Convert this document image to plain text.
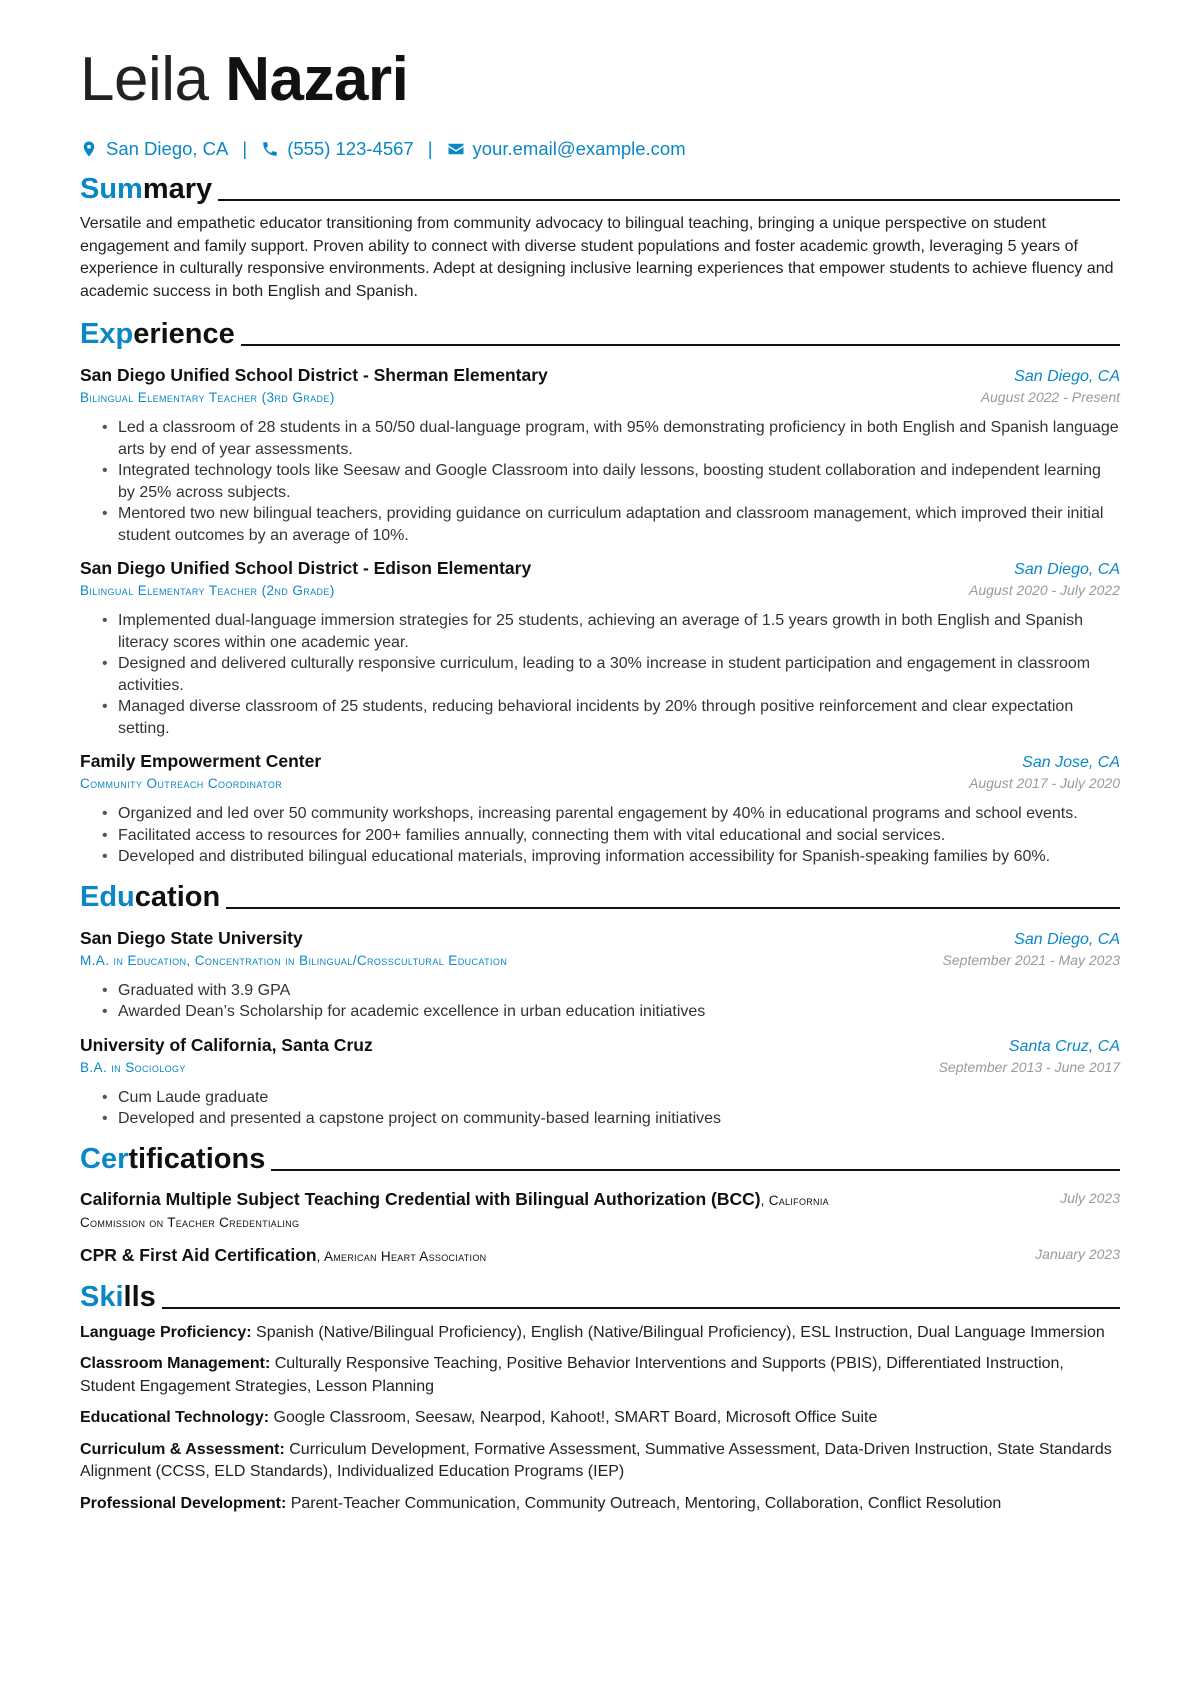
Leila Nazari
San Diego, CA | (555) 123-4567 | your.email@example.com
Summary

Versatile and empathetic educator transitioning from community advocacy to bilingual teaching, bringing a unique perspective on student engagement and family support. Proven ability to connect with diverse student populations and foster academic growth, leveraging 5 years of experience in culturally responsive environments. Adept at designing inclusive learning experiences that empower students to achieve fluency and academic success in both English and Spanish.

Experience
San Diego Unified School District - Sherman Elementary	San Diego, CA
Bilingual Elementary Teacher (3rd Grade)	August 2022 - Present
• Led a classroom of 28 students in a 50/50 dual-language program, with 95% demonstrating proficiency in both English and Spanish language arts by end of year assessments.
• Integrated technology tools like Seesaw and Google Classroom into daily lessons, boosting student collaboration and independent learning by 25% across subjects.
• Mentored two new bilingual teachers, providing guidance on curriculum adaptation and classroom management, which improved their initial student outcomes by an average of 10%.
San Diego Unified School District - Edison Elementary	San Diego, CA
Bilingual Elementary Teacher (2nd Grade)	August 2020 - July 2022
• Implemented dual-language immersion strategies for 25 students, achieving an average of 1.5 years growth in both English and Spanish literacy scores within one academic year.
• Designed and delivered culturally responsive curriculum, leading to a 30% increase in student participation and engagement in classroom activities.
• Managed diverse classroom of 25 students, reducing behavioral incidents by 20% through positive reinforcement and clear expectation setting.
Family Empowerment Center	San Jose, CA
Community Outreach Coordinator	August 2017 - July 2020
• Organized and led over 50 community workshops, increasing parental engagement by 40% in educational programs and school events.
• Facilitated access to resources for 200+ families annually, connecting them with vital educational and social services.
• Developed and distributed bilingual educational materials, improving information accessibility for Spanish-speaking families by 60%.
Education
San Diego State University	San Diego, CA
M.A. in Education, Concentration in Bilingual/Crosscultural Education	September 2021 - May 2023
• Graduated with 3.9 GPA
• Awarded Dean’s Scholarship for academic excellence in urban education initiatives
University of California, Santa Cruz	Santa Cruz, CA
B.A. in Sociology	September 2013 - June 2017
• Cum Laude graduate
• Developed and presented a capstone project on community-based learning initiatives
Certifications
California Multiple Subject Teaching Credential with Bilingual Authorization (BCC), California Commission on Teacher Credentialing
July 2023
CPR & First Aid Certification, American Heart Association	January 2023
Skills

Language Proficiency: Spanish (Native/Bilingual Proficiency), English (Native/Bilingual Proficiency), ESL Instruction, Dual Language Immersion

Classroom Management: Culturally Responsive Teaching, Positive Behavior Interventions and Supports (PBIS), Differentiated Instruction, Student Engagement Strategies, Lesson Planning

Educational Technology: Google Classroom, Seesaw, Nearpod, Kahoot!, SMART Board, Microsoft Office Suite

Curriculum & Assessment: Curriculum Development, Formative Assessment, Summative Assessment, Data-Driven Instruction, State Standards Alignment (CCSS, ELD Standards), Individualized Education Programs (IEP)

Professional Development: Parent-Teacher Communication, Community Outreach, Mentoring, Collaboration, Conflict Resolution
